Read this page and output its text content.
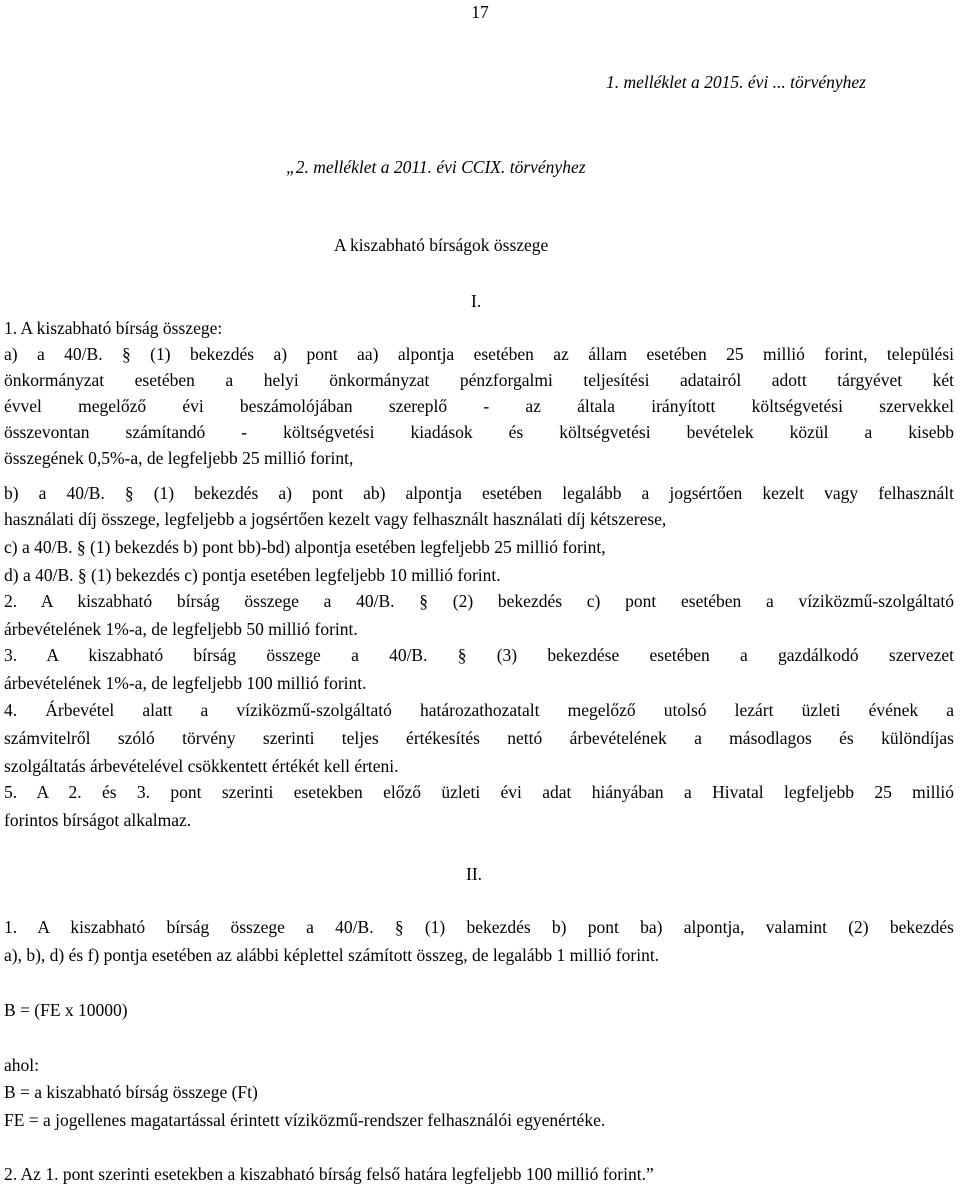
17
1. melléklet a 2015. évi ... törvényhez
„2. melléklet a 2011. évi CCIX. törvényhez
A kiszabható bírságok összege
I.
1. A kiszabható bírság összege:
a) a 40/B. § (1) bekezdés a) pont aa) alpontja esetében az állam esetében 25 millió forint, települési
önkormányzat esetében a helyi önkormányzat pénzforgalmi teljesítési adatairól adott tárgyévet két
évvel megelőző évi beszámolójában szereplő - az általa irányított költségvetési szervekkel
összevontan számítandó - költségvetési kiadások és költségvetési bevételek közül a kisebb
összegének 0,5%-a, de legfeljebb 25 millió forint,
b) a 40/B. § (1) bekezdés a) pont ab) alpontja esetében legalább a jogsértően kezelt vagy felhasznált
használati díj összege, legfeljebb a jogsértően kezelt vagy felhasznált használati díj kétszerese,
c) a 40/B. § (1) bekezdés b) pont bb)-bd) alpontja esetében legfeljebb 25 millió forint,
d) a 40/B. § (1) bekezdés c) pontja esetében legfeljebb 10 millió forint.
2. A kiszabható bírság összege a 40/B. § (2) bekezdés c) pont esetében a víziközmű-szolgáltató
árbevételének 1%-a, de legfeljebb 50 millió forint.
3. A kiszabható bírság összege a 40/B. § (3) bekezdése esetében a gazdálkodó szervezet
árbevételének 1%-a, de legfeljebb 100 millió forint.
4. Árbevétel alatt a víziközmű-szolgáltató határozathozatalt megelőző utolsó lezárt üzleti évének a
számvitelről szóló törvény szerinti teljes értékesítés nettó árbevételének a másodlagos és különdíjas
szolgáltatás árbevételével csökkentett értékét kell érteni.
5. A 2. és 3. pont szerinti esetekben előző üzleti évi adat hiányában a Hivatal legfeljebb 25 millió
forintos bírságot alkalmaz.
II.
1. A kiszabható bírság összege a 40/B. § (1) bekezdés b) pont ba) alpontja, valamint (2) bekezdés
a), b), d) és f) pontja esetében az alábbi képlettel számított összeg, de legalább 1 millió forint.
B = (FE x 10000)
ahol:
B = a kiszabható bírság összege (Ft)
FE = a jogellenes magatartással érintett víziközmű-rendszer felhasználói egyenértéke.
2. Az 1. pont szerinti esetekben a kiszabható bírság felső határa legfeljebb 100 millió forint.”
